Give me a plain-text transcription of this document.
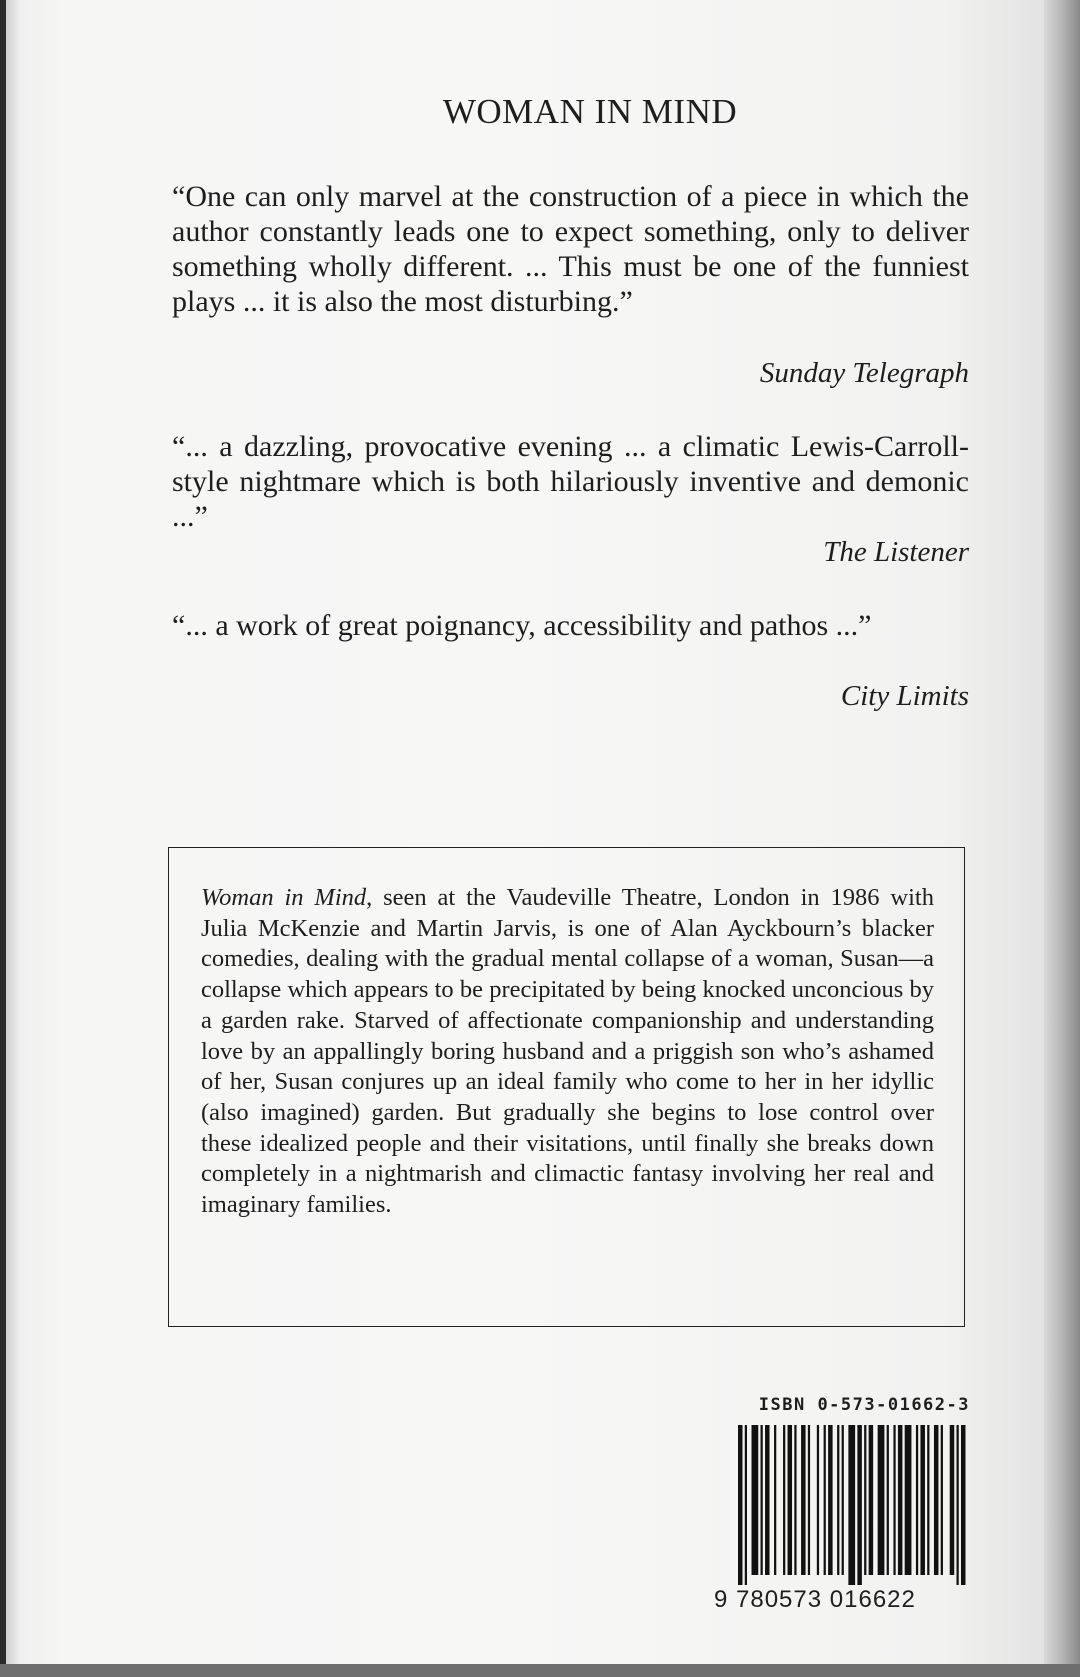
WOMAN IN MIND
“One can only marvel at the construction of a piece in which the author constantly leads one to expect something, only to deliver something wholly different. ... This must be one of the funniest plays ... it is also the most disturbing.”
Sunday Telegraph
“... a dazzling, provocative evening ... a climatic Lewis-Carroll-style nightmare which is both hilariously inventive and demonic ...”
The Listener
“... a work of great poignancy, accessibility and pathos ...”
City Limits
Woman in Mind, seen at the Vaudeville Theatre, London in 1986 with Julia McKenzie and Martin Jarvis, is one of Alan Ayckbourn’s blacker comedies, dealing with the gradual mental collapse of a woman, Susan—a collapse which appears to be precipitated by being knocked unconcious by a garden rake. Starved of affectionate companionship and understanding love by an appallingly boring husband and a priggish son who’s ashamed of her, Susan conjures up an ideal family who come to her in her idyllic (also imagined) garden. But gradually she begins to lose control over these idealized people and their visitations, until finally she breaks down completely in a nightmarish and climactic fantasy involving her real and imaginary families.
ISBN 0-573-01662-3
9 780573 016622
